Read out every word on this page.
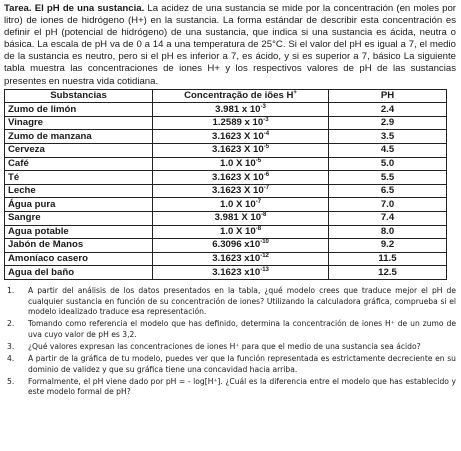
Tarea. El pH de una sustancia. La acidez de una sustancia se mide por la concentración (en moles por litro) de iones de hidrógeno (H+) en la sustancia. La forma estándar de describir esta concentración es definir el pH (potencial de hidrógeno) de una sustancia, que indica si una sustancia es ácida, neutra o básica. La escala de pH va de 0 a 14 a una temperatura de 25°C. Si el valor del pH es igual a 7, el medio de la sustancia es neutro, pero si el pH es inferior a 7, es ácido, y si es superior a 7, básico La siguiente tabla muestra las concentraciones de iones H+ y los respectivos valores de pH de las sustancias presentes en nuestra vida cotidiana.

Substancias	Concentração de iões H+	PH
Zumo de limón	3.981 x $10^{-3}$	2.4
Vinagre	1.2589 x $10^{-3}$	2.9
Zumo de manzana	3.1623 X $10^{-4}$	3.5
Cerveza	3.1623 X $10^{-5}$	4.5
Café	1.0 X $10^{-5}$	5.0
Té	3.1623 X $10^{-6}$	5.5
Leche	3.1623 X $10^{-7}$	6.5
Água pura	1.0 X $10^{-7}$	7.0
Sangre	3.981 X $10^{-8}$	7.4
Agua potable	1.0 X $10^{-8}$	8.0
Jabón de Manos	6.3096 $x10^{-10}$	9.2
Amoníaco casero	3.1623 $x10^{-12}$	11.5
Agua del baño	3.1623 $x10^{-13}$	12.5
1.	A partir del análisis de los datos presentados en la tabla, ¿qué modelo crees que traduce mejor el pH de cualquier sustancia en función de su concentración de iones? Utilizando la calculadora gráfica, comprueba si el modelo idealizado traduce esa representación.
2.	Tomando como referencia el modelo que has definido, determina la concentración de iones H⁺ de un zumo de uva cuyo valor de pH es 3,2.
3.	¿Qué valores expresan las concentraciones de iones H⁺ para que el medio de una sustancia sea ácido?
4.	A partir de la gráfica de tu modelo, puedes ver que la función representada es estrictamente decreciente en su dominio de validez y que su gráfica tiene una concavidad hacia arriba.
5.	Formalmente, el pH viene dado por pH = - log[H⁺]. ¿Cuál es la diferencia entre el modelo que has establecido y este modelo formal de pH?
